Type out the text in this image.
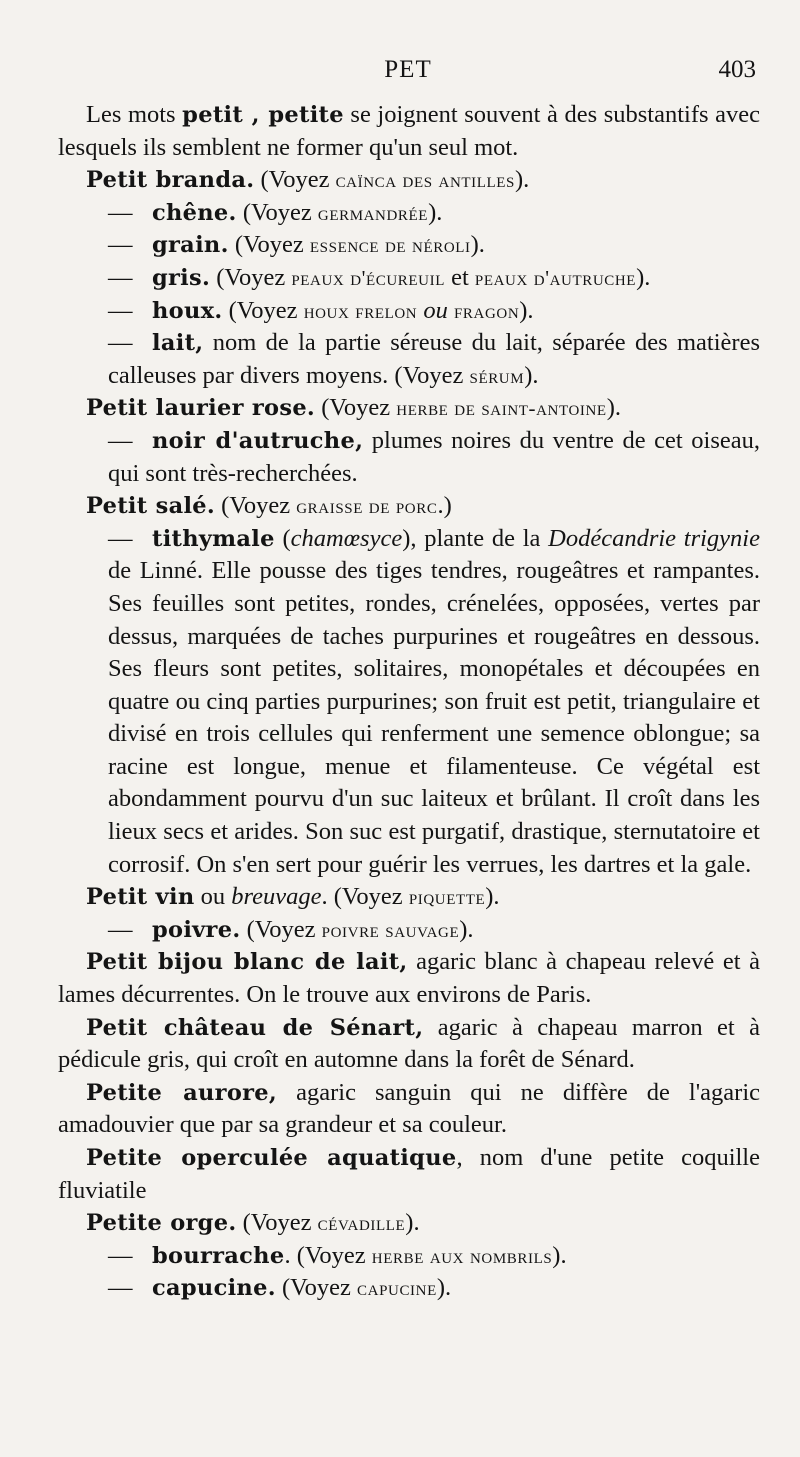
PET	403

Les mots petit , petite se joignent souvent à des substantifs avec lesquels ils semblent ne former qu'un seul mot.

Petit branda. (Voyez caïnca des antilles).

— chêne. (Voyez germandrée).

— grain. (Voyez essence de néroli).

— gris. (Voyez peaux d'écureuil et peaux d'autruche).

— houx. (Voyez houx frelon ou fragon).

— lait, nom de la partie séreuse du lait, séparée des matières calleuses par divers moyens. (Voyez sérum).

Petit laurier rose. (Voyez herbe de saint-antoine).

— noir d'autruche, plumes noires du ventre de cet oiseau, qui sont très-recherchées.

Petit salé. (Voyez graisse de porc.)

— tithymale (chamœsyce), plante de la Dodécandrie trigynie de Linné. Elle pousse des tiges tendres, rougeâtres et rampantes. Ses feuilles sont petites, rondes, crénelées, opposées, vertes par dessus, marquées de taches purpurines et rougeâtres en dessous. Ses fleurs sont petites, solitaires, monopétales et découpées en quatre ou cinq parties purpurines; son fruit est petit, triangulaire et divisé en trois cellules qui renferment une semence oblongue; sa racine est longue, menue et filamenteuse. Ce végétal est abondamment pourvu d'un suc laiteux et brûlant. Il croît dans les lieux secs et arides. Son suc est purgatif, drastique, sternutatoire et corrosif. On s'en sert pour guérir les verrues, les dartres et la gale.

Petit vin ou breuvage. (Voyez piquette).

— poivre. (Voyez poivre sauvage).

Petit bijou blanc de lait, agaric blanc à chapeau relevé et à lames décurrentes. On le trouve aux environs de Paris.

Petit château de Sénart, agaric à chapeau marron et à pédicule gris, qui croît en automne dans la forêt de Sénard.

Petite aurore, agaric sanguin qui ne diffère de l'agaric amadouvier que par sa grandeur et sa couleur.

Petite operculée aquatique, nom d'une petite coquille fluviatile

Petite orge. (Voyez cévadille).

— bourrache. (Voyez herbe aux nombrils).

— capucine. (Voyez capucine).
